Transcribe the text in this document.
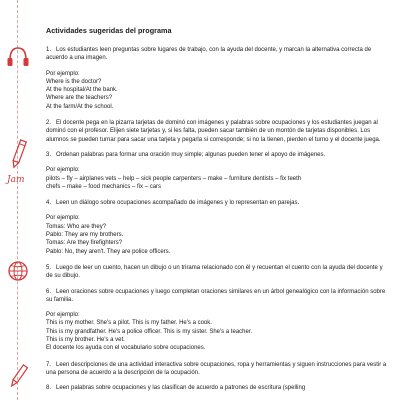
Jam
Actividades sugeridas del programa
1.   Los estudiantes leen preguntas sobre lugares de trabajo, con la ayuda del docente, y marcan la alternativa correcta de acuerdo a una imagen.
Por ejemplo:
Where is the doctor?
At the hospital/At the bank.
Where are the teachers?
At the farm/At the school.
2.   El docente pega en la pizarra tarjetas de dominó con imágenes y palabras sobre ocupaciones y los estudiantes juegan al dominó con el profesor. Elijen siete tarjetas y, si les falta, pueden sacar también de un montón de tarjetas disponibles. Los alumnos se pueden turnar para sacar una tarjeta y pegarla si corresponde; si no la tienen, pierden el turno y el docente juega.
3.   Ordenan palabras para formar una oración muy simple; algunas pueden tener el apoyo de imágenes.
Por ejemplo:
pilots – fly – airplanes vets – help – sick people carpenters – make – furniture dentists – fix teeth
chefs – make – food mechanics – fix – cars
4.   Leen un diálogo sobre ocupaciones acompañado de imágenes y lo representan en parejas.
Por ejemplo:
Tomas: Who are they?
Pablo: They are my brothers.
Tomas: Are they firefighters?
Pablo: No, they aren't. They are police officers.
5.   Luego de leer un cuento, hacen un dibujo o un trirama relacionado con él y recuentan el cuento con la ayuda del docente y de su dibujo.
6.   Leen oraciones sobre ocupaciones y luego completan oraciones similares en un árbol genealógico con la información sobre su familia.
Por ejemplo:
This is my mother. She's a pilot. This is my father. He's a cook.
This is my grandfather. He's a police officer. This is my sister. She's a teacher.
This is my brother. He's a vet.
El docente los ayuda con el vocabulario sobre ocupaciones.
7.   Leen descripciones de una actividad interactiva sobre ocupaciones, ropa y herramientas y siguen instrucciones para vestir a una persona de acuerdo a la descripción de la ocupación.
8.   Leen palabras sobre ocupaciones y las clasifican de acuerdo a patrones de escritura (spelling
